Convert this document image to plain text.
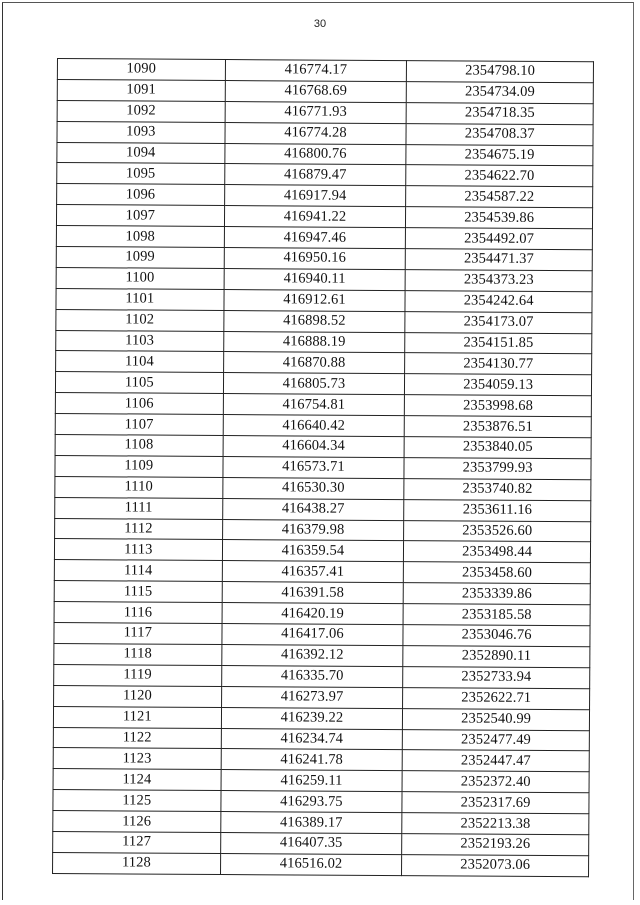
30
1090	416774.17	2354798.10
1091	416768.69	2354734.09
1092	416771.93	2354718.35
1093	416774.28	2354708.37
1094	416800.76	2354675.19
1095	416879.47	2354622.70
1096	416917.94	2354587.22
1097	416941.22	2354539.86
1098	416947.46	2354492.07
1099	416950.16	2354471.37
1100	416940.11	2354373.23
1101	416912.61	2354242.64
1102	416898.52	2354173.07
1103	416888.19	2354151.85
1104	416870.88	2354130.77
1105	416805.73	2354059.13
1106	416754.81	2353998.68
1107	416640.42	2353876.51
1108	416604.34	2353840.05
1109	416573.71	2353799.93
1110	416530.30	2353740.82
1111	416438.27	2353611.16
1112	416379.98	2353526.60
1113	416359.54	2353498.44
1114	416357.41	2353458.60
1115	416391.58	2353339.86
1116	416420.19	2353185.58
1117	416417.06	2353046.76
1118	416392.12	2352890.11
1119	416335.70	2352733.94
1120	416273.97	2352622.71
1121	416239.22	2352540.99
1122	416234.74	2352477.49
1123	416241.78	2352447.47
1124	416259.11	2352372.40
1125	416293.75	2352317.69
1126	416389.17	2352213.38
1127	416407.35	2352193.26
1128	416516.02	2352073.06
